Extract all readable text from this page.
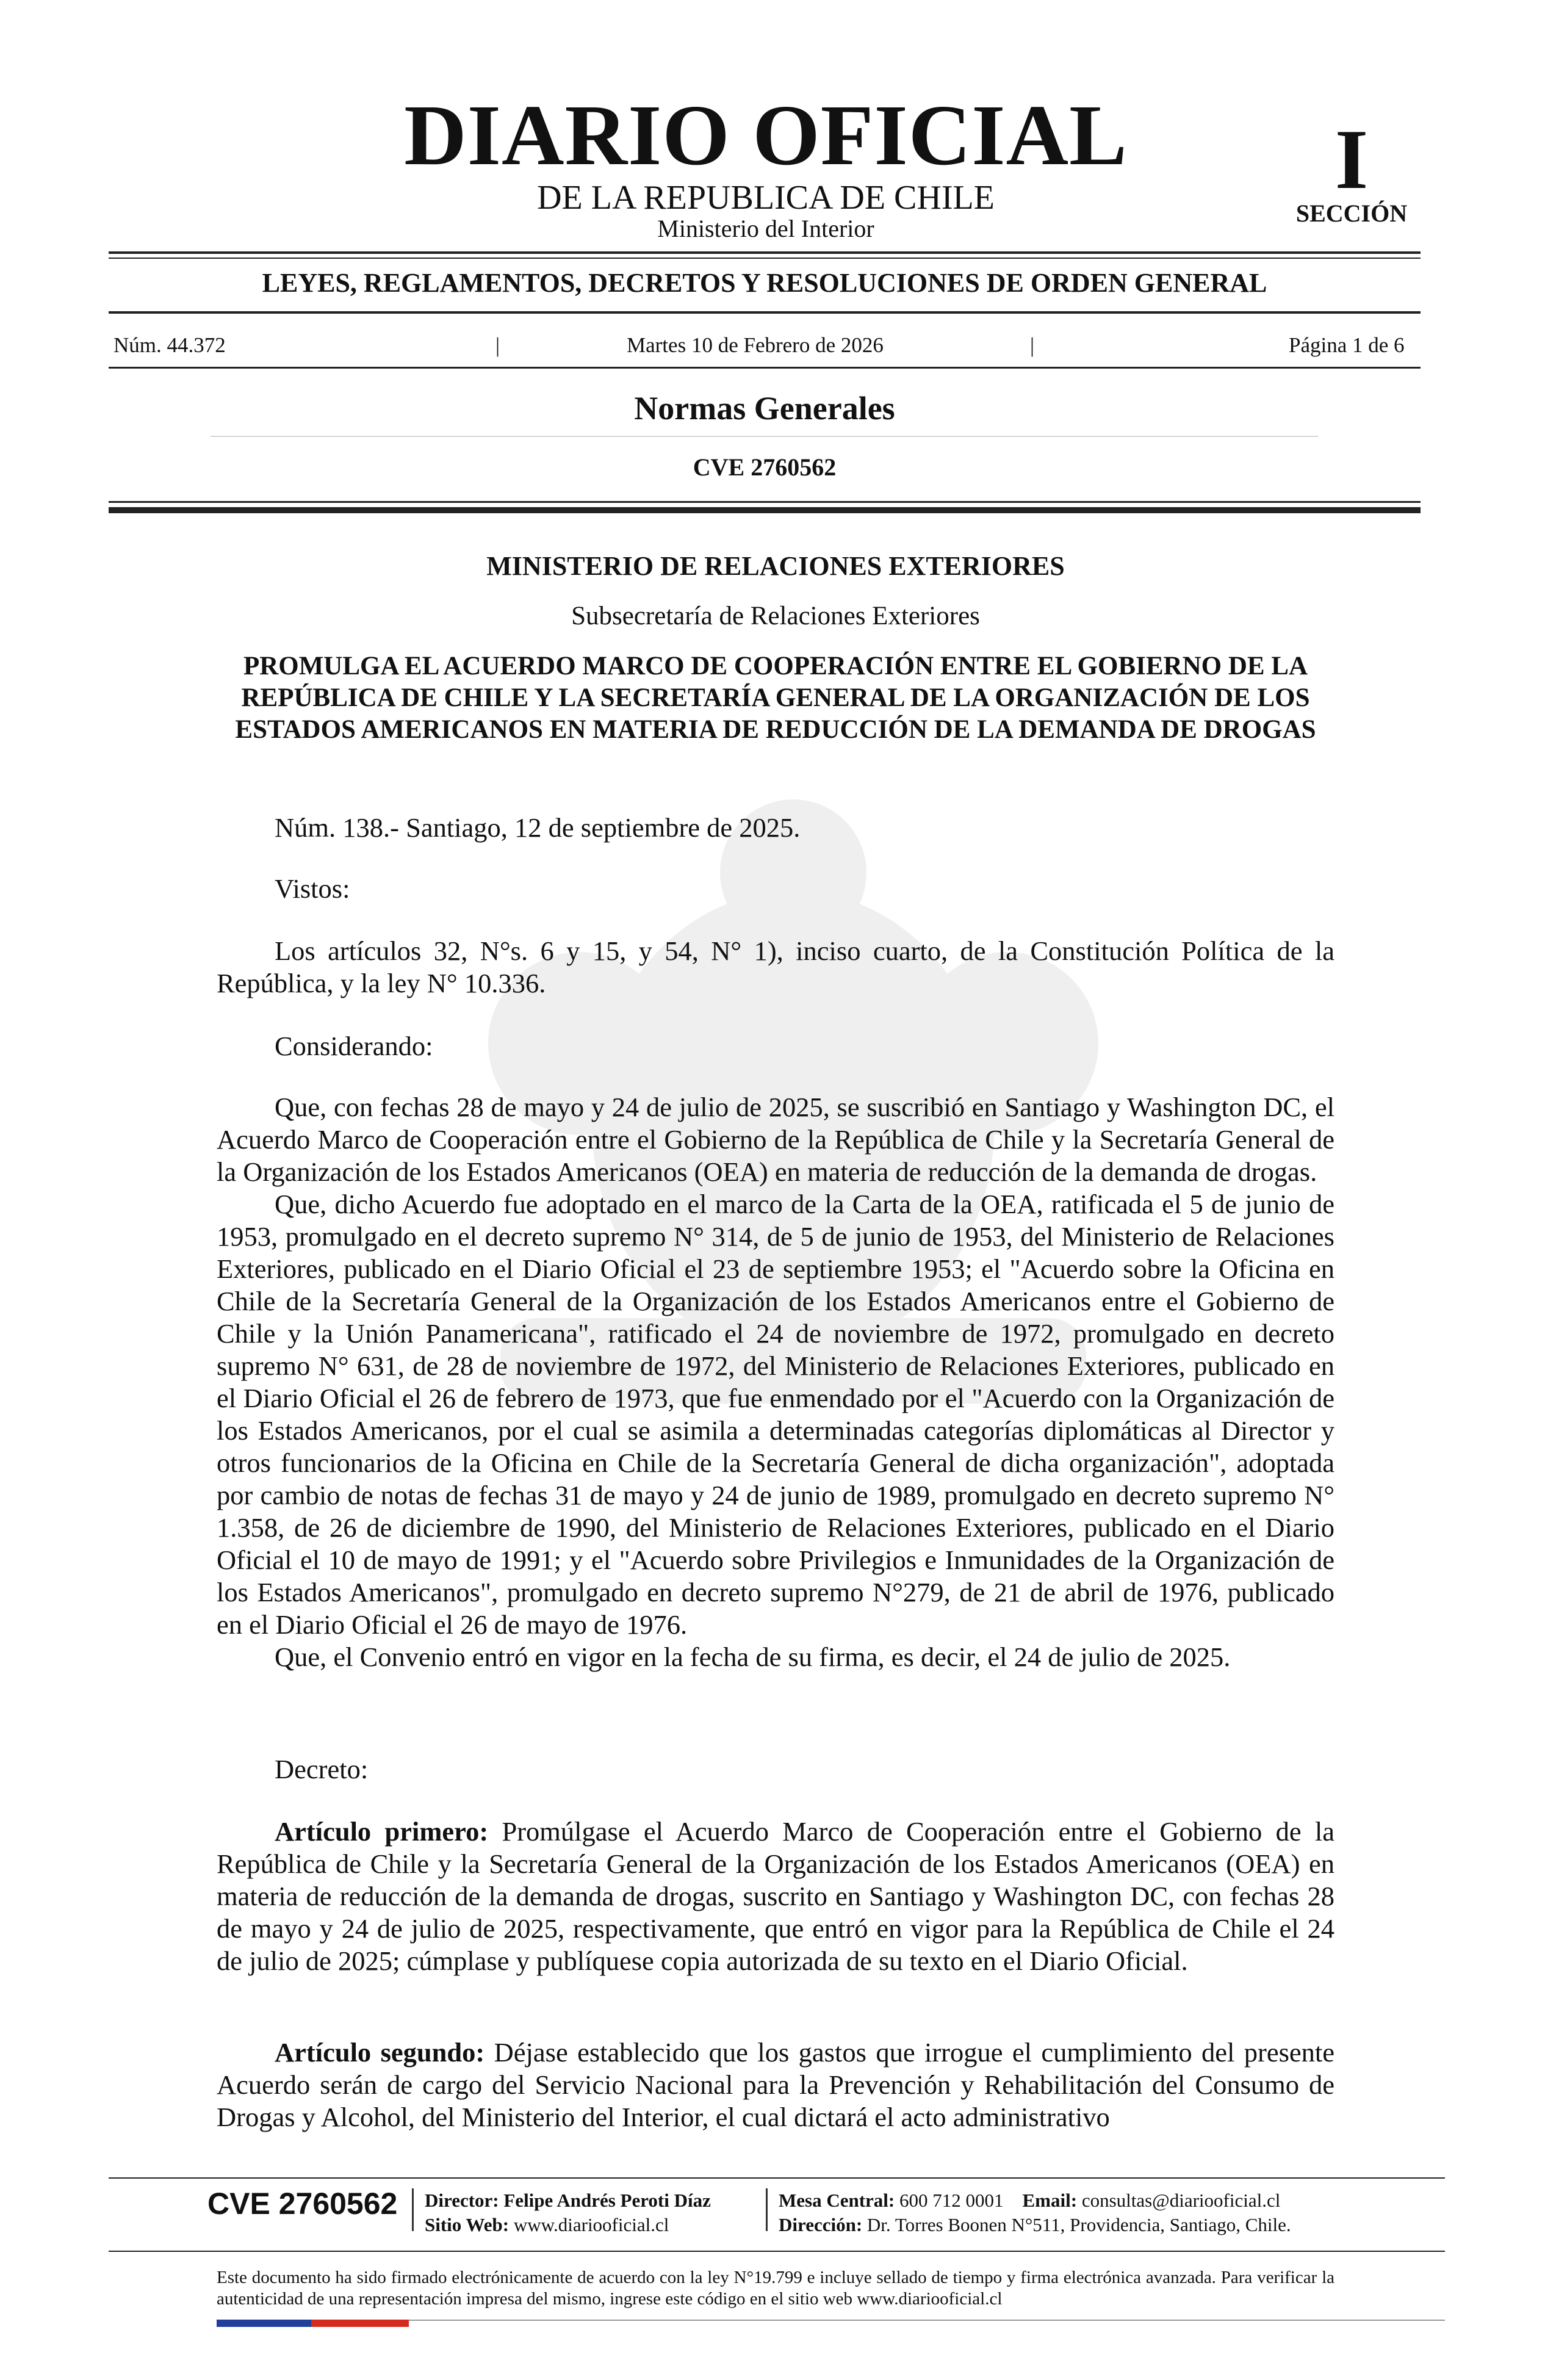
DIARIO OFICIAL
DE LA REPUBLICA DE CHILE
Ministerio del Interior
I
SECCIÓN
LEYES, REGLAMENTOS, DECRETOS Y RESOLUCIONES DE ORDEN GENERAL
Núm. 44.372	|	Martes 10 de Febrero de 2026	|	Página 1 de 6
Normas Generales
CVE 2760562
MINISTERIO DE RELACIONES EXTERIORES
Subsecretaría de Relaciones Exteriores
PROMULGA EL ACUERDO MARCO DE COOPERACIÓN ENTRE EL GOBIERNO DE LA REPÚBLICA DE CHILE Y LA SECRETARÍA GENERAL DE LA ORGANIZACIÓN DE LOS ESTADOS AMERICANOS EN MATERIA DE REDUCCIÓN DE LA DEMANDA DE DROGAS
Núm. 138.- Santiago, 12 de septiembre de 2025.
Vistos:

Los artículos 32, N°s. 6 y 15, y 54, N° 1), inciso cuarto, de la Constitución Política de la República, y la ley N° 10.336.

Considerando:

Que, con fechas 28 de mayo y 24 de julio de 2025, se suscribió en Santiago y Washington DC, el Acuerdo Marco de Cooperación entre el Gobierno de la República de Chile y la Secretaría General de la Organización de los Estados Americanos (OEA) en materia de reducción de la demanda de drogas.

Que, dicho Acuerdo fue adoptado en el marco de la Carta de la OEA, ratificada el 5 de junio de 1953, promulgado en el decreto supremo N° 314, de 5 de junio de 1953, del Ministerio de Relaciones Exteriores, publicado en el Diario Oficial el 23 de septiembre 1953; el "Acuerdo sobre la Oficina en Chile de la Secretaría General de la Organización de los Estados Americanos entre el Gobierno de Chile y la Unión Panamericana", ratificado el 24 de noviembre de 1972, promulgado en decreto supremo N° 631, de 28 de noviembre de 1972, del Ministerio de Relaciones Exteriores, publicado en el Diario Oficial el 26 de febrero de 1973, que fue enmendado por el "Acuerdo con la Organización de los Estados Americanos, por el cual se asimila a determinadas categorías diplomáticas al Director y otros funcionarios de la Oficina en Chile de la Secretaría General de dicha organización", adoptada por cambio de notas de fechas 31 de mayo y 24 de junio de 1989, promulgado en decreto supremo N° 1.358, de 26 de diciembre de 1990, del Ministerio de Relaciones Exteriores, publicado en el Diario Oficial el 10 de mayo de 1991; y el "Acuerdo sobre Privilegios e Inmunidades de la Organización de los Estados Americanos", promulgado en decreto supremo N°279, de 21 de abril de 1976, publicado en el Diario Oficial el 26 de mayo de 1976.

Que, el Convenio entró en vigor en la fecha de su firma, es decir, el 24 de julio de 2025.

Decreto:

Artículo primero: Promúlgase el Acuerdo Marco de Cooperación entre el Gobierno de la República de Chile y la Secretaría General de la Organización de los Estados Americanos (OEA) en materia de reducción de la demanda de drogas, suscrito en Santiago y Washington DC, con fechas 28 de mayo y 24 de julio de 2025, respectivamente, que entró en vigor para la República de Chile el 24 de julio de 2025; cúmplase y publíquese copia autorizada de su texto en el Diario Oficial.

Artículo segundo: Déjase establecido que los gastos que irrogue el cumplimiento del presente Acuerdo serán de cargo del Servicio Nacional para la Prevención y Rehabilitación del Consumo de Drogas y Alcohol, del Ministerio del Interior, el cual dictará el acto administrativo

CVE 2760562 Director: Felipe Andrés Peroti Díaz
Sitio Web: www.diariooficial.cl
Mesa Central: 600 712 0001 Email: consultas@diariooficial.cl
Dirección: Dr. Torres Boonen N°511, Providencia, Santiago, Chile.
Este documento ha sido firmado electrónicamente de acuerdo con la ley N°19.799 e incluye sellado de tiempo y firma electrónica avanzada. Para verificar la autenticidad de una representación impresa del mismo, ingrese este código en el sitio web www.diariooficial.cl
